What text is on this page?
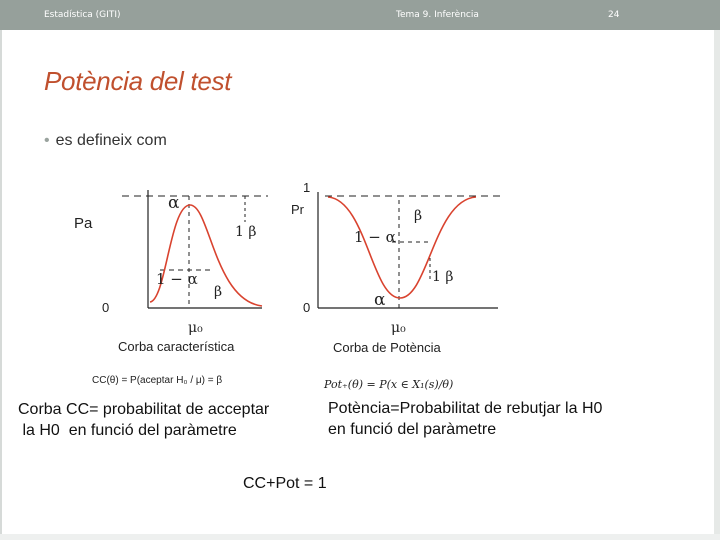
Estadística (GITI)	Tema 9. Inferència	24
Potència del test
• es defineix com
Pa
0
α
1 β
1 − α
β
μ₀
Corba característica
CC(θ) = P(aceptar H₀ / μ) = β
1
Pr
0
β
1 − α
1 β
α
μ₀
Corba de Potència
Pot₊(θ) = P(x ∈ X₁(s)/θ)
Corba CC= probabilitat de acceptar
la H0  en funció del paràmetre
Potència=Probabilitat de rebutjar la H0
en funció del paràmetre
CC+Pot = 1
